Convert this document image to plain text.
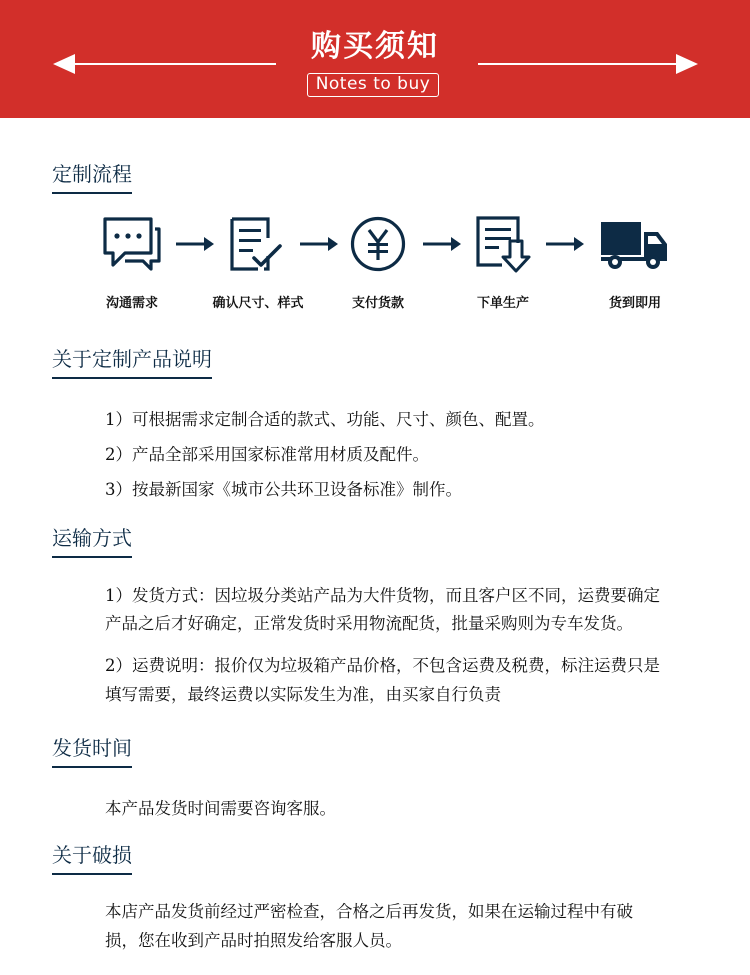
购买须知
Notes to buy
定制流程
沟通需求	确认尺寸、样式	支付货款	下单生产	货到即用
关于定制产品说明
1）可根据需求定制合适的款式、功能、尺寸、颜色、配置。
2）产品全部采用国家标准常用材质及配件。
3）按最新国家《城市公共环卫设备标准》制作。
运输方式
1）发货方式：因垃圾分类站产品为大件货物，而且客户区不同，运费要确定
产品之后才好确定，正常发货时采用物流配货，批量采购则为专车发货。
2）运费说明：报价仅为垃圾箱产品价格，不包含运费及税费，标注运费只是
填写需要，最终运费以实际发生为准，由买家自行负责
发货时间
本产品发货时间需要咨询客服。
关于破损
本店产品发货前经过严密检查，合格之后再发货，如果在运输过程中有破
损，您在收到产品时拍照发给客服人员。
